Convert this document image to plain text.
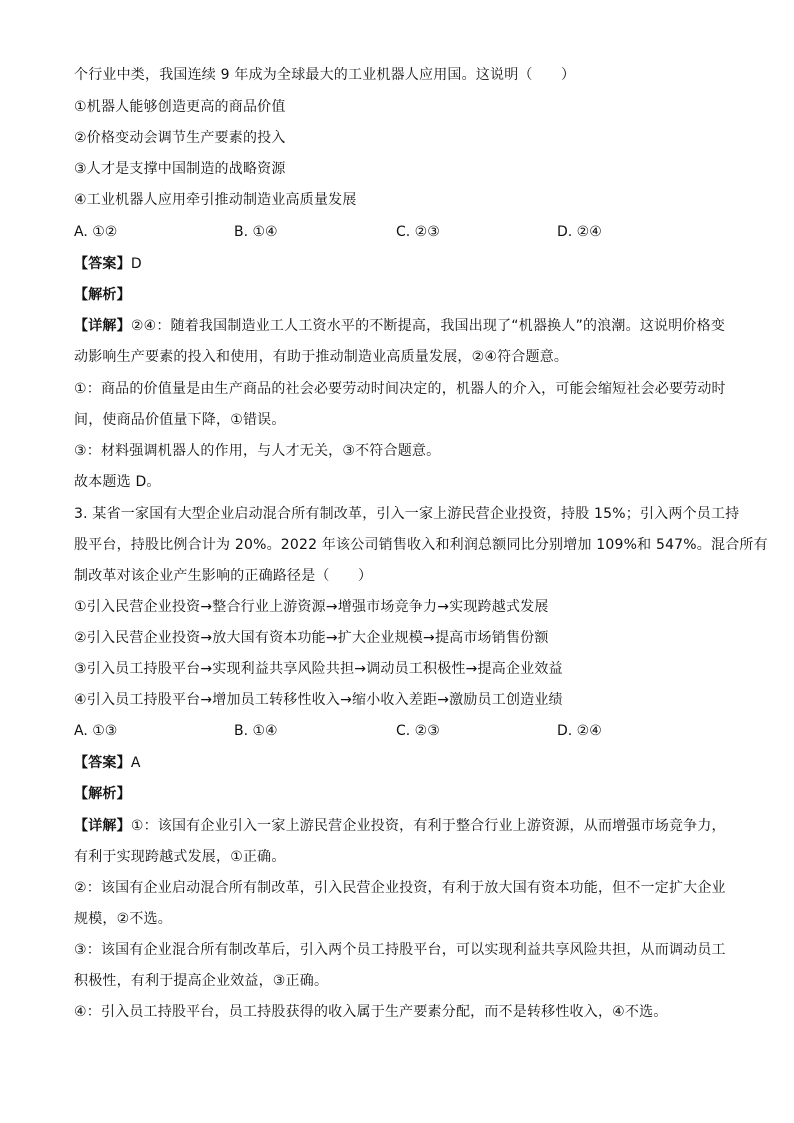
个行业中类，我国连续 9 年成为全球最大的工业机器人应用国。这说明（　　）
①机器人能够创造更高的商品价值
②价格变动会调节生产要素的投入
③人才是支撑中国制造的战略资源
④工业机器人应用牵引推动制造业高质量发展
A. ①②	B. ①④	C. ②③	D. ②④
【答案】D
【解析】
【详解】②④：随着我国制造业工人工资水平的不断提高，我国出现了“机器换人”的浪潮。这说明价格变
动影响生产要素的投入和使用，有助于推动制造业高质量发展，②④符合题意。
①：商品的价值量是由生产商品的社会必要劳动时间决定的，机器人的介入，可能会缩短社会必要劳动时
间，使商品价值量下降，①错误。
③：材料强调机器人的作用，与人才无关，③不符合题意。
故本题选 D。
3. 某省一家国有大型企业启动混合所有制改革，引入一家上游民营企业投资，持股 15%；引入两个员工持
股平台，持股比例合计为 20%。2022 年该公司销售收入和利润总额同比分别增加 109%和 547%。混合所有
制改革对该企业产生影响的正确路径是（　　）
①引入民营企业投资→整合行业上游资源→增强市场竞争力→实现跨越式发展
②引入民营企业投资→放大国有资本功能→扩大企业规模→提高市场销售份额
③引入员工持股平台→实现利益共享风险共担→调动员工积极性→提高企业效益
④引入员工持股平台→增加员工转移性收入→缩小收入差距→激励员工创造业绩
A. ①③	B. ①④	C. ②③	D. ②④
【答案】A
【解析】
【详解】①：该国有企业引入一家上游民营企业投资，有利于整合行业上游资源，从而增强市场竞争力，
有利于实现跨越式发展，①正确。
②：该国有企业启动混合所有制改革，引入民营企业投资，有利于放大国有资本功能，但不一定扩大企业
规模，②不选。
③：该国有企业混合所有制改革后，引入两个员工持股平台，可以实现利益共享风险共担，从而调动员工
积极性，有利于提高企业效益，③正确。
④：引入员工持股平台，员工持股获得的收入属于生产要素分配，而不是转移性收入，④不选。
